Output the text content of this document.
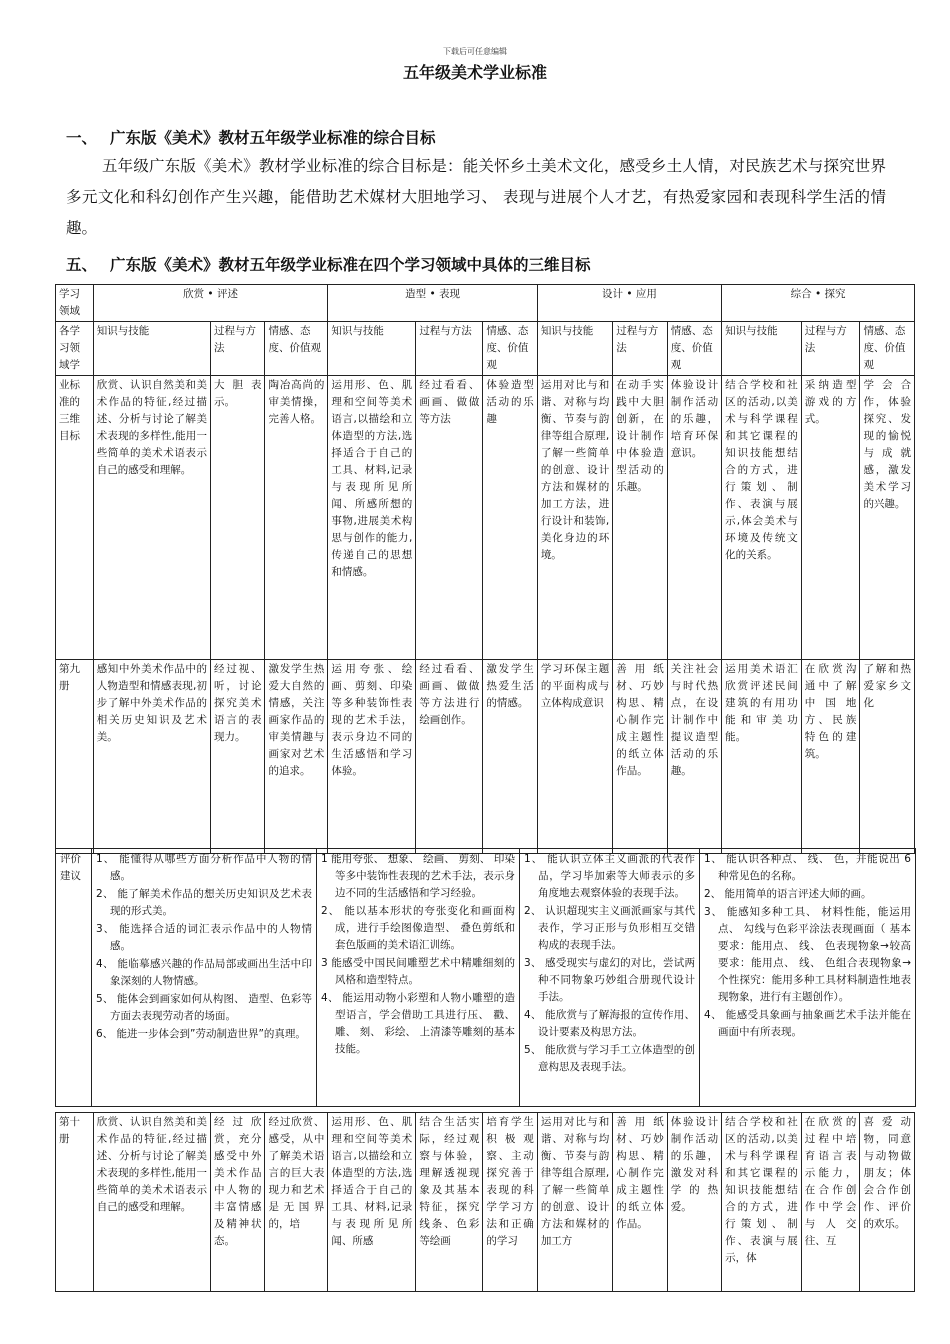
下载后可任意编辑
五年级美术学业标准
一、 广东版《美术》教材五年级学业标准的综合目标
五年级广东版《美术》教材学业标准的综合目标是：能关怀乡土美术文化，感受乡土人情，对民族艺术与探究世界多元文化和科幻创作产生兴趣，能借助艺术媒材大胆地学习、 表现与进展个人才艺，有热爱家园和表现科学生活的情趣。
五、 广东版《美术》教材五年级学业标准在四个学习领域中具体的三维目标
学习领域	欣赏 • 评述			造型 • 表现			设计 • 应用			综合 • 探究		
各学习领域学	知识与技能	过程与方法	情感、态度、价值观	知识与技能	过程与方法	情感、态度、价值观	知识与技能	过程与方法	情感、态度、价值观	知识与技能	过程与方法	情感、态度、价值观
业标准的三维目标	欣赏、认识自然美和美术作品的特征,经过描述、分析与讨论了解美术表现的多样性,能用一些简单的美术术语表示自己的感受和理解。	大胆表示。	陶冶高尚的审美情操，完善人格。	运用形、色、肌理和空间等美术语言,以描绘和立体造型的方法,选择适合于自己的工具、材料,记录与表现所见所闻、所感所想的事物,进展美术构思与创作的能力,传递自己的思想和情感。	经过看看、画画、做做等方法	体验造型活动的乐趣	运用对比与和谐、对称与均衡、节奏与韵律等组合原理,了解一些简单的创意、设计方法和媒材的加工方法，进行设计和装饰,美化身边的环境。	在动手实践中大胆创新，在设计制作中体验造型活动的乐趣。	体验设计制作活动的乐趣，培育环保意识。	结合学校和社区的活动,以美术与科学课程和其它课程的知识技能想结合的方式，进行策划、制作、表演与展示,体会美术与环境及传统文化的关系。	采纳造型游戏的方式。	学会合作，体验探究、发现的愉悦与成就感，激发美术学习的兴趣。
第九册	感知中外美术作品中的人物造型和情感表现,初步了解中外美术作品的相关历史知识及艺术美。	经过视、听，讨论探究美术语言的表现力。	激发学生热爱大自然的情感，关注画家作品的审美情趣与画家对艺术的追求。	运用夸张、绘画、剪刻、印染等多种装饰性表现的艺术手法，表示身边不同的生活感悟和学习体验。	经过看看、画画、做做等方法进行绘画创作。	激发学生热爱生活的情感。	学习环保主题的平面构成与立体构成意识	善用纸材、巧妙构思、精心制作完成主题性的纸立体作品。	关注社会与时代热点，在设计制作中提议造型活动的乐趣。	运用美术语汇欣赏评述民间建筑的有用功能和审美功能。	在欣赏沟通中了解中国地方、民族特色的建筑。	了解和热爱家乡文化
评价建议	
1、 能懂得从哪些方面分析作品中人物的情感。
2、 能了解美术作品的想关历史知识及艺术表现的形式美。
3、 能选择合适的词汇表示作品中的人物情感。
4、 能临摹感兴趣的作品局部或画出生活中印象深刻的人物情感。
5、 能体会到画家如何从构图、 造型、色彩等方面去表现劳动者的场面。
6、 能进一步体会到”劳动制造世界”的真理。

1 能用夸张、 想象、 绘画、 剪刻、 印染等多中装饰性表现的艺术手法，表示身边不同的生活感悟和学习经验。
2、 能以基本形状的夸张变化和画面构成，进行手绘图像造型、 叠色剪纸和套色版画的美术语汇训练。
3 能感受中国民间雕塑艺术中精雕细刻的风格和造型特点。
4、 能运用动物小彩塑和人物小雕塑的造型语言，学会借助工具进行压、 戳、 雕、 刻、 彩绘、 上清漆等雕刻的基本技能。

1、 能认识立体主义画派的代表作品，学习毕加索等大师表示的多角度地去观察体验的表现手法。
2、 认识超现实主义画派画家与其代表作，学习正形与负形相互交错构成的表现手法。
3、 感受现实与虚幻的对比，尝试两种不同物象巧妙组合册现代设计手法。
4、 能欣赏与了解海报的宣传作用、 设计要素及构思方法。
5、 能欣赏与学习手工立体造型的创意构思及表现手法。

1、 能认识各种点、 线、 色，并能说出 6 种常见色的名称。
2、 能用简单的语言评述大师的画。
3、 能感知多种工具、 材料性能，能运用点、 勾线与色彩平涂法表现画面（ 基本要求：能用点、 线、 色表现物象→较高要求：能用点、 线、 色组合表现物象→个性探究：能用多种工具材料制造性地表现物象，进行有主题创作）。
4、 能感受具象画与抽象画艺术手法并能在画面中有所表现。
第十册	欣赏、认识自然美和美术作品的特征,经过描述、分析与讨论了解美术表现的多样性,能用一些简单的美术术语表示自己的感受和理解。	经过欣赏，充分感受中外美术作品中人物的丰富情感及精神状态。	经过欣赏、感受，从中了解美术语言的巨大表现力和艺术是无国界的，培	运用形、色、肌理和空间等美术语言,以描绘和立体造型的方法,选择适合于自己的工具、材料,记录与表现所见所闻、所感	结合生活实际，经过观察与体验，理解透视现象及其基本特征，探究线条、色彩等绘画	培育学生积极观察、主动探究善于表现的科学学习方法和正确的学习	运用对比与和谐、对称与均衡、节奏与韵律等组合原理,了解一些简单的创意、设计方法和媒材的加工方	善用纸材、巧妙构思、精心制作完成主题性的纸立体作品。	体验设计制作活动的乐趣，激发对科学的热爱。	结合学校和社区的活动,以美术与科学课程和其它课程的知识技能想结合的方式，进行策划、制作、表演与展示，体	在欣赏的过程中培育语言表示能力，在合作创作中学会与人交往、互	喜爱动物，同意与动物做朋友；体会合作创作、评价的欢乐。
